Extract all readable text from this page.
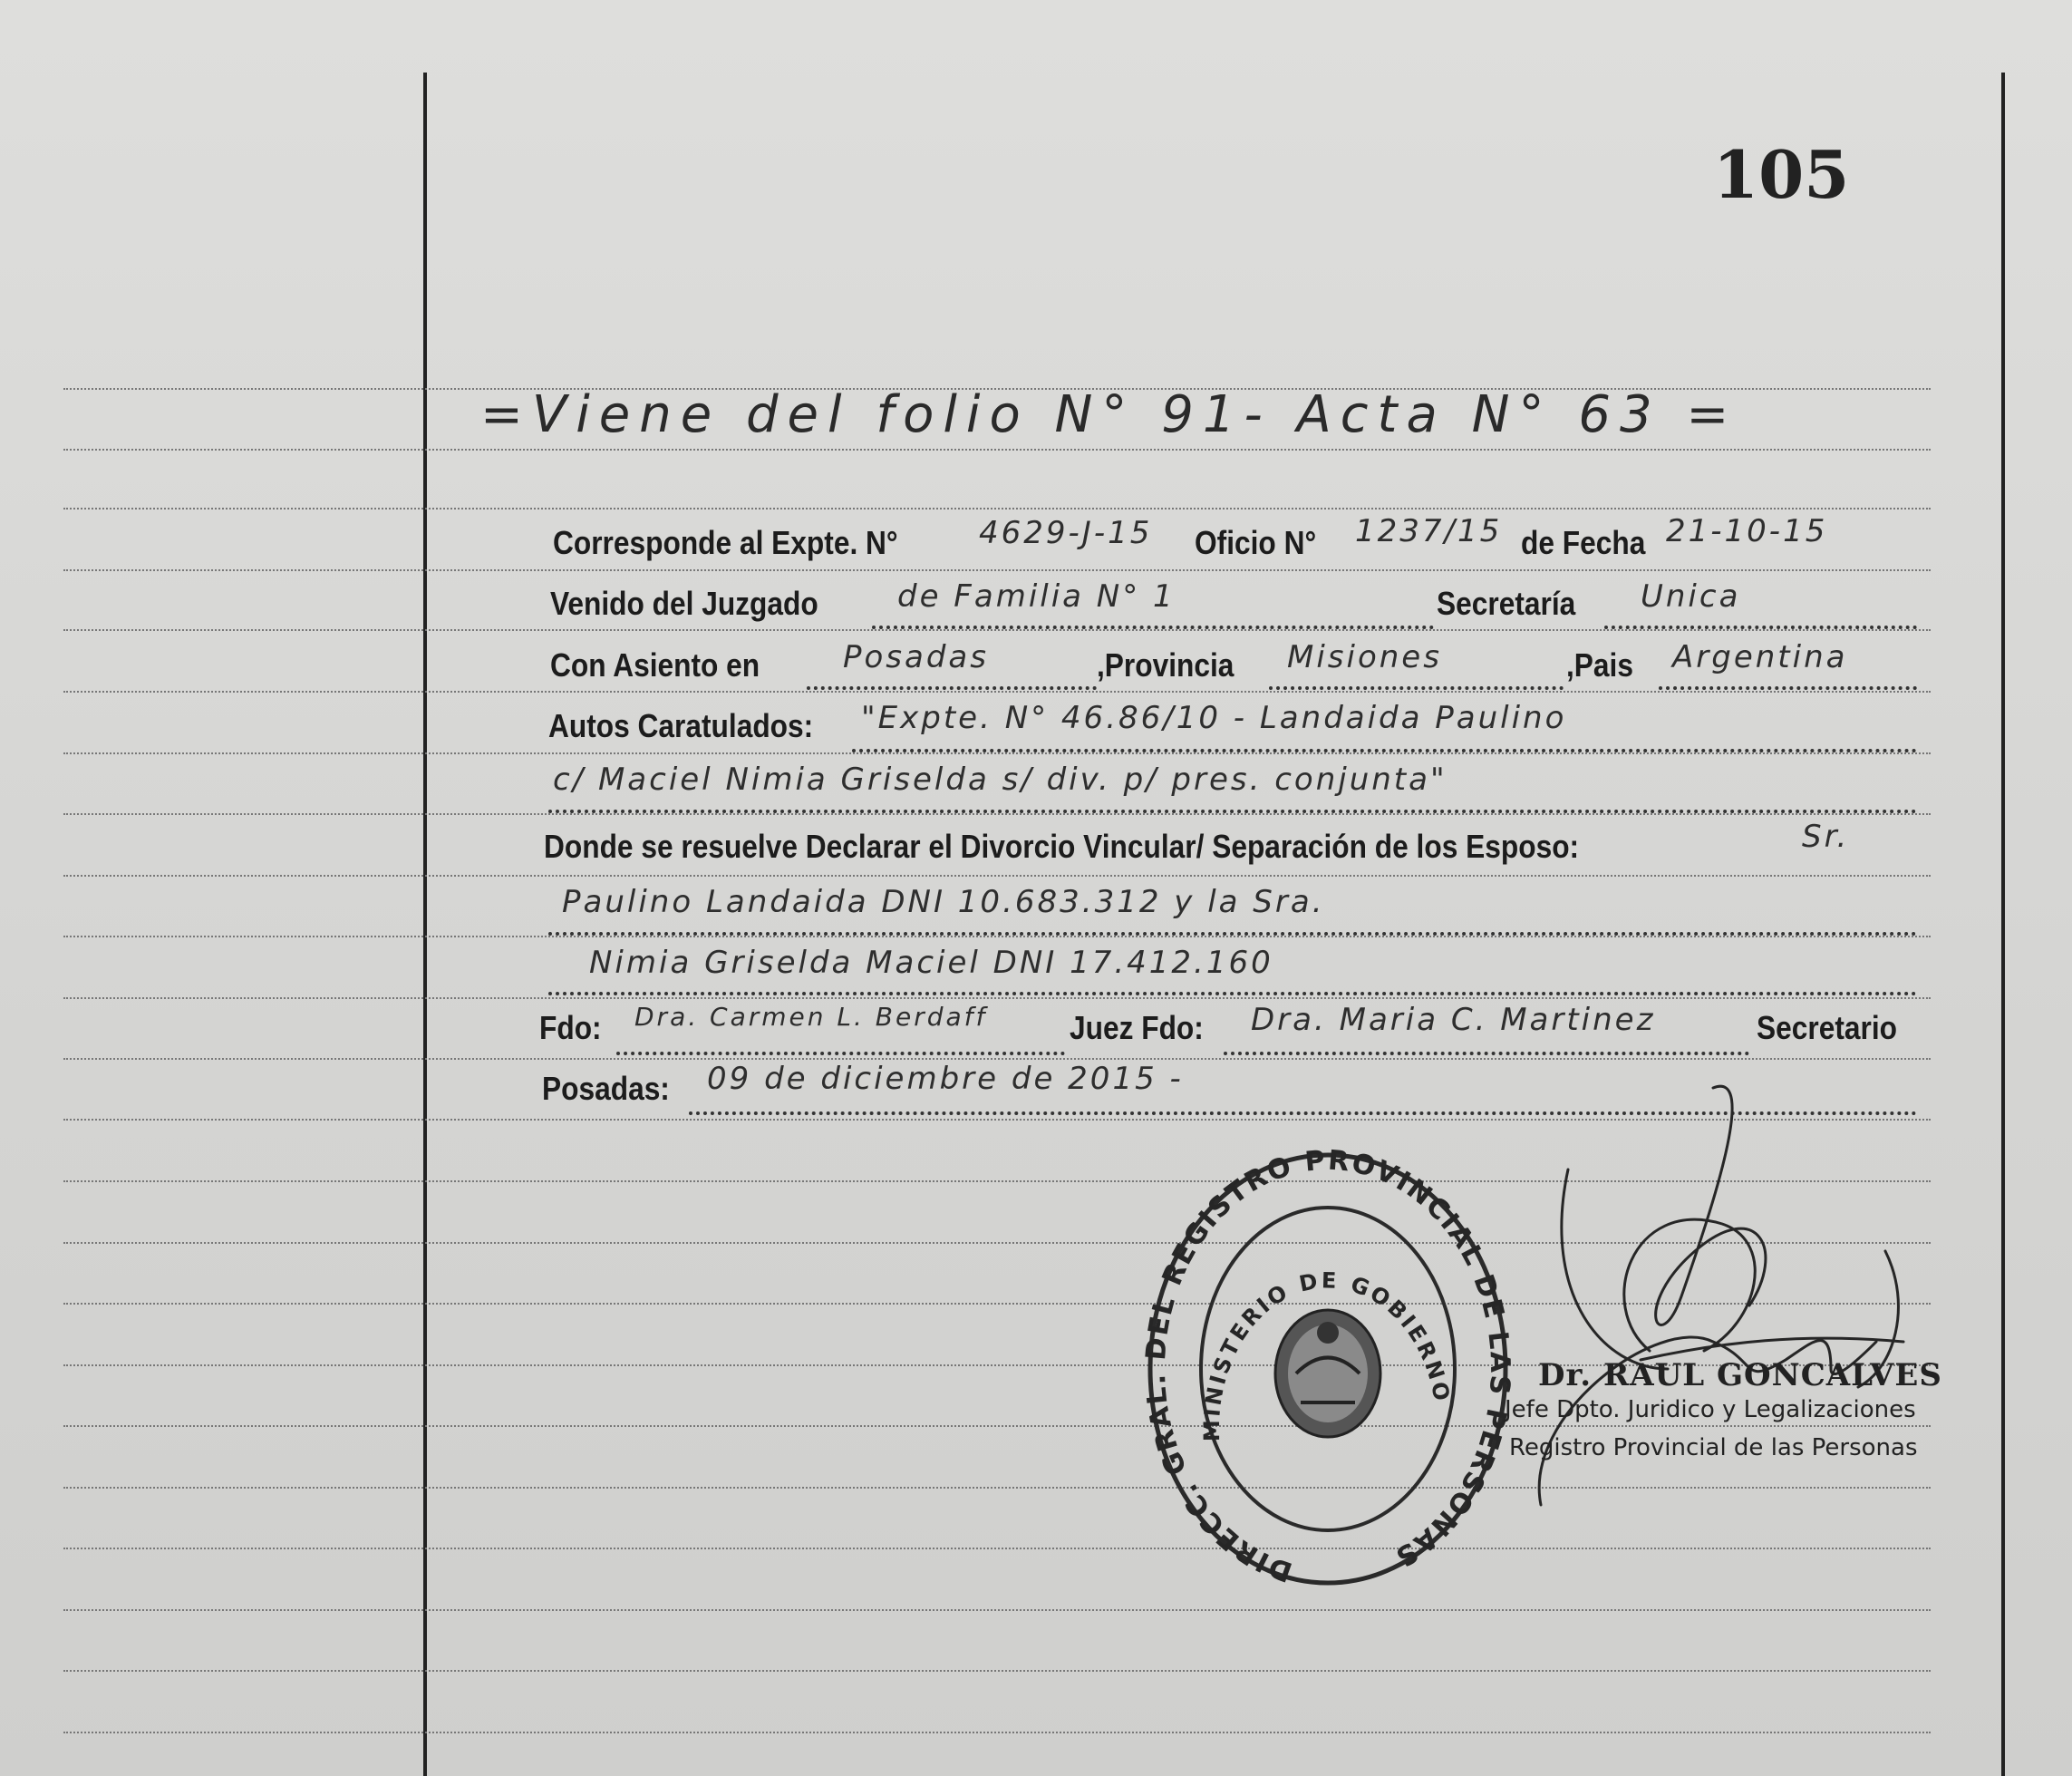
105
=Viene del folio N° 91- Acta N° 63 =
Corresponde al Expte. N°	4629-J-15 Oficio N°	1237/15 de Fecha 21-10-15
Venido del Juzgado	de Familia N° 1	Secretaría	Unica
Con Asiento en	Posadas	,Provincia	Misiones	,Pais Argentina
Autos Caratulados:	"Expte. N° 46.86/10 - Landaida Paulino
c/ Maciel Nimia Griselda s/ div. p/ pres. conjunta"
Donde se resuelve Declarar el Divorcio Vincular/ Separación de los Esposo:	Sr.
Paulino Landaida DNI 10.683.312 y la Sra.
Nimia Griselda Maciel DNI 17.412.160
Fdo:	Dra. Carmen L. Berdaff	Juez Fdo:	Dra. Maria C. Martinez	Secretario
Posadas:	09 de diciembre de 2015 -
DIRECC. GRAL. DEL REGISTRO PROVINCIAL DE LAS PERSONAS
MINISTERIO DE GOBIERNO	Dr. RAUL GONCALVES
Jefe Dpto. Juridico y Legalizaciones
Registro Provincial de las Personas
